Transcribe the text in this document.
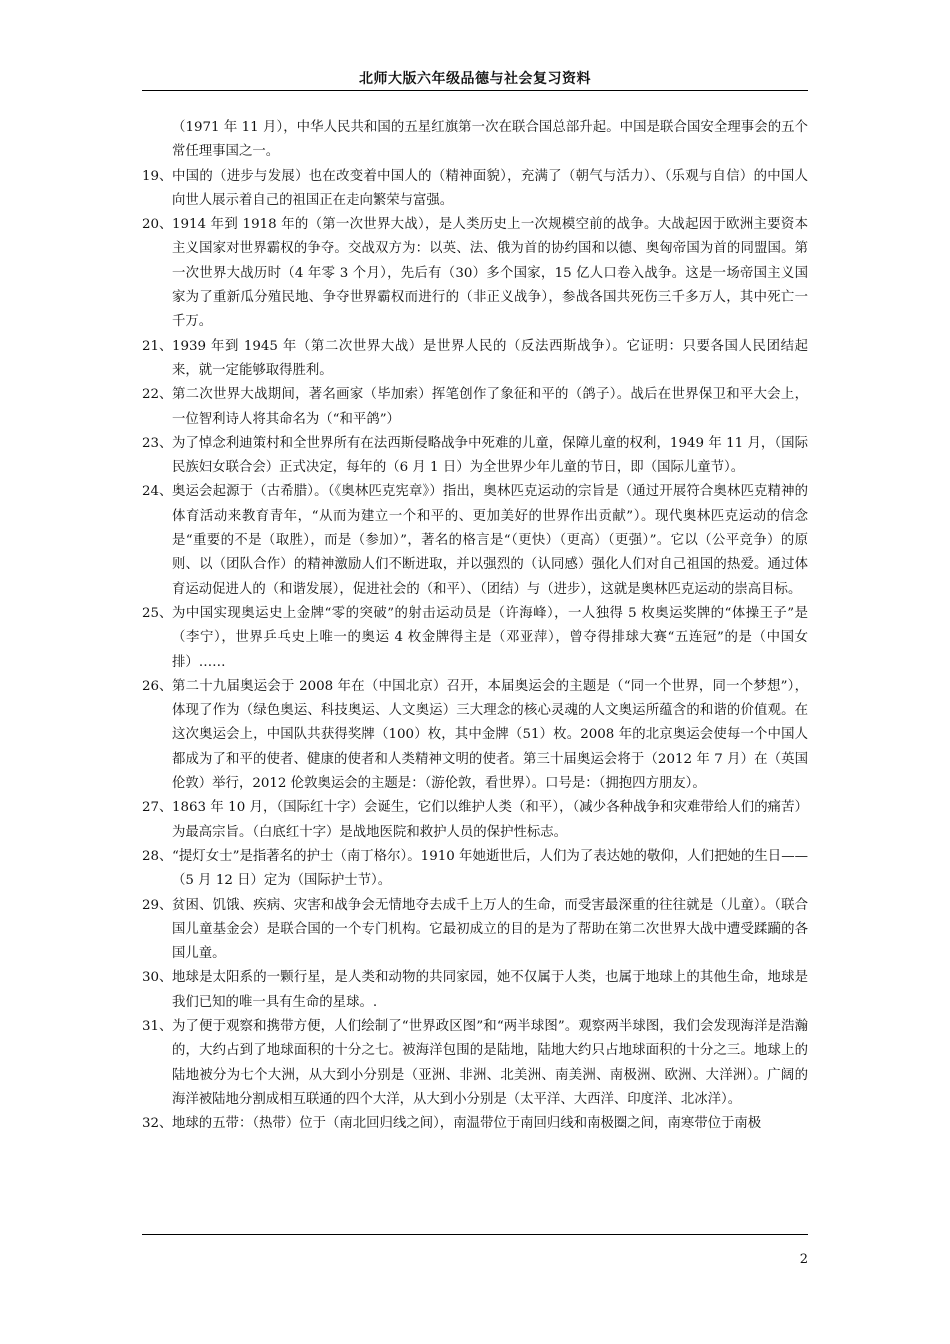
北师大版六年级品德与社会复习资料
（1971 年 11 月），中华人民共和国的五星红旗第一次在联合国总部升起。中国是联合国安全理事会的五个常任理事国之一。
19、 中国的（进步与发展）也在改变着中国人的（精神面貌），充满了（朝气与活力）、（乐观与自信）的中国人向世人展示着自己的祖国正在走向繁荣与富强。
20、 1914 年到 1918 年的（第一次世界大战），是人类历史上一次规模空前的战争。大战起因于欧洲主要资本主义国家对世界霸权的争夺。交战双方为：以英、法、俄为首的协约国和以德、奥匈帝国为首的同盟国。第一次世界大战历时（4 年零 3 个月），先后有（30）多个国家，15 亿人口卷入战争。这是一场帝国主义国家为了重新瓜分殖民地、争夺世界霸权而进行的（非正义战争），参战各国共死伤三千多万人，其中死亡一千万。
21、 1939 年到 1945 年（第二次世界大战）是世界人民的（反法西斯战争）。它证明：只要各国人民团结起来，就一定能够取得胜利。
22、 第二次世界大战期间，著名画家（毕加索）挥笔创作了象征和平的（鸽子）。战后在世界保卫和平大会上，一位智利诗人将其命名为（“和平鸽”）
23、 为了悼念利迪策村和全世界所有在法西斯侵略战争中死难的儿童，保障儿童的权利，1949 年 11 月，（国际民族妇女联合会）正式决定，每年的（6 月 1 日）为全世界少年儿童的节日，即（国际儿童节）。
24、 奥运会起源于（古希腊）。（《奥林匹克宪章》）指出，奥林匹克运动的宗旨是（通过开展符合奥林匹克精神的体育活动来教育青年，“从而为建立一个和平的、更加美好的世界作出贡献”）。现代奥林匹克运动的信念是“重要的不是（取胜），而是（参加）”，著名的格言是“（更快）（更高）（更强）”。它以（公平竞争）的原则、以（团队合作）的精神激励人们不断进取，并以强烈的（认同感）强化人们对自己祖国的热爱。通过体育运动促进人的（和谐发展），促进社会的（和平）、（团结）与（进步），这就是奥林匹克运动的崇高目标。
25、 为中国实现奥运史上金牌“零的突破”的射击运动员是（许海峰），一人独得 5 枚奥运奖牌的“体操王子”是（李宁），世界乒乓史上唯一的奥运 4 枚金牌得主是（邓亚萍），曾夺得排球大赛“五连冠”的是（中国女排）……
26、 第二十九届奥运会于 2008 年在（中国北京）召开，本届奥运会的主题是（“同一个世界，同一个梦想”），体现了作为（绿色奥运、科技奥运、人文奥运）三大理念的核心灵魂的人文奥运所蕴含的和谐的价值观。在这次奥运会上，中国队共获得奖牌（100）枚，其中金牌（51）枚。2008 年的北京奥运会使每一个中国人都成为了和平的使者、健康的使者和人类精神文明的使者。第三十届奥运会将于（2012 年 7 月）在（英国伦敦）举行，2012 伦敦奥运会的主题是：（游伦敦，看世界）。口号是：（拥抱四方朋友）。
27、 1863 年 10 月，（国际红十字）会诞生，它们以维护人类（和平），（减少各种战争和灾难带给人们的痛苦）为最高宗旨。（白底红十字）是战地医院和救护人员的保护性标志。
28、 “提灯女士”是指著名的护士（南丁格尔）。1910 年她逝世后，人们为了表达她的敬仰，人们把她的生日——（5 月 12 日）定为（国际护士节）。
29、 贫困、饥饿、疾病、灾害和战争会无情地夺去成千上万人的生命，而受害最深重的往往就是（儿童）。（联合国儿童基金会）是联合国的一个专门机构。它最初成立的目的是为了帮助在第二次世界大战中遭受蹂躏的各国儿童。
30、 地球是太阳系的一颗行星，是人类和动物的共同家园，她不仅属于人类，也属于地球上的其他生命，地球是我们已知的唯一具有生命的星球。.
31、 为了便于观察和携带方便，人们绘制了“世界政区图”和“两半球图”。观察两半球图，我们会发现海洋是浩瀚的，大约占到了地球面积的十分之七。被海洋包围的是陆地，陆地大约只占地球面积的十分之三。地球上的陆地被分为七个大洲，从大到小分别是（亚洲、非洲、北美洲、南美洲、南极洲、欧洲、大洋洲）。广阔的海洋被陆地分割成相互联通的四个大洋，从大到小分别是（太平洋、大西洋、印度洋、北冰洋）。
32、 地球的五带：（热带）位于（南北回归线之间），南温带位于南回归线和南极圈之间，南寒带位于南极
2
